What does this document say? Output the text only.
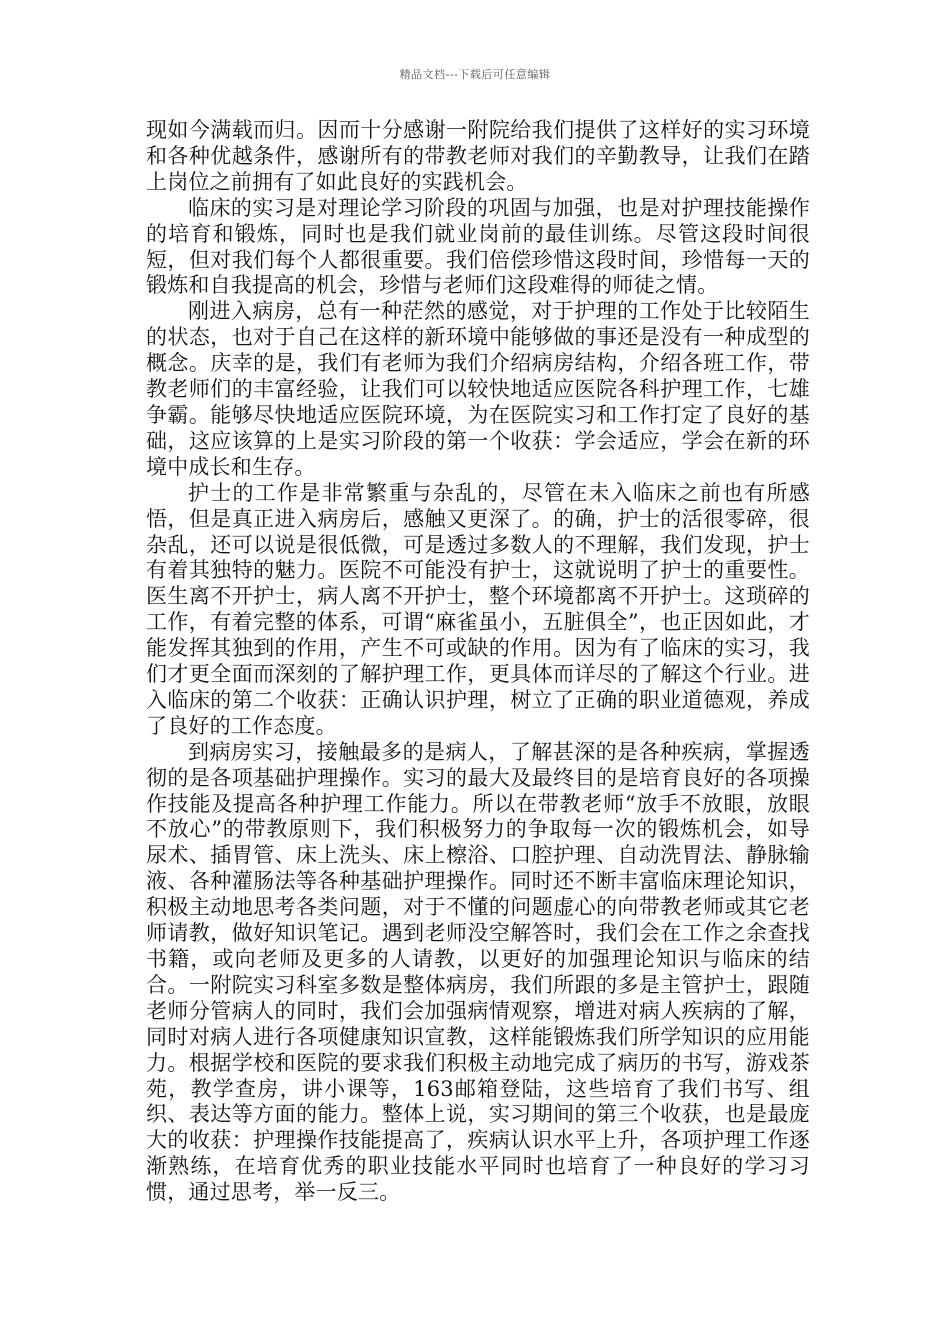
精品文档---下载后可任意编辑

现如今满载而归。因而十分感谢一附院给我们提供了这样好的实习环境和各种优越条件，感谢所有的带教老师对我们的辛勤教导，让我们在踏上岗位之前拥有了如此良好的实践机会。

临床的实习是对理论学习阶段的巩固与加强，也是对护理技能操作的培育和锻炼，同时也是我们就业岗前的最佳训练。尽管这段时间很短，但对我们每个人都很重要。我们倍偿珍惜这段时间，珍惜每一天的锻炼和自我提高的机会，珍惜与老师们这段难得的师徒之情。

刚进入病房，总有一种茫然的感觉，对于护理的工作处于比较陌生的状态，也对于自己在这样的新环境中能够做的事还是没有一种成型的概念。庆幸的是，我们有老师为我们介绍病房结构，介绍各班工作，带教老师们的丰富经验，让我们可以较快地适应医院各科护理工作，七雄争霸。能够尽快地适应医院环境，为在医院实习和工作打定了良好的基础，这应该算的上是实习阶段的第一个收获：学会适应，学会在新的环境中成长和生存。

护士的工作是非常繁重与杂乱的，尽管在未入临床之前也有所感悟，但是真正进入病房后，感触又更深了。的确，护士的活很零碎，很杂乱，还可以说是很低微，可是透过多数人的不理解，我们发现，护士有着其独特的魅力。医院不可能没有护士，这就说明了护士的重要性。医生离不开护士，病人离不开护士，整个环境都离不开护士。这琐碎的工作，有着完整的体系，可谓“麻雀虽小，五脏俱全”，也正因如此，才能发挥其独到的作用，产生不可或缺的作用。因为有了临床的实习，我们才更全面而深刻的了解护理工作，更具体而详尽的了解这个行业。进入临床的第二个收获：正确认识护理，树立了正确的职业道德观，养成了良好的工作态度。

到病房实习，接触最多的是病人，了解甚深的是各种疾病，掌握透彻的是各项基础护理操作。实习的最大及最终目的是培育良好的各项操作技能及提高各种护理工作能力。所以在带教老师“放手不放眼，放眼不放心”的带教原则下，我们积极努力的争取每一次的锻炼机会，如导尿术、插胃管、床上洗头、床上檫浴、口腔护理、自动洗胃法、静脉输液、各种灌肠法等各种基础护理操作。同时还不断丰富临床理论知识，积极主动地思考各类问题，对于不懂的问题虚心的向带教老师或其它老师请教，做好知识笔记。遇到老师没空解答时，我们会在工作之余查找书籍，或向老师及更多的人请教，以更好的加强理论知识与临床的结合。一附院实习科室多数是整体病房，我们所跟的多是主管护士，跟随老师分管病人的同时，我们会加强病情观察，增进对病人疾病的了解，同时对病人进行各项健康知识宣教，这样能锻炼我们所学知识的应用能力。根据学校和医院的要求我们积极主动地完成了病历的书写，游戏茶苑，教学查房，讲小课等，163邮箱登陆，这些培育了我们书写、组织、表达等方面的能力。整体上说，实习期间的第三个收获，也是最庞大的收获：护理操作技能提高了，疾病认识水平上升，各项护理工作逐渐熟练，在培育优秀的职业技能水平同时也培育了一种良好的学习习惯，通过思考，举一反三。
